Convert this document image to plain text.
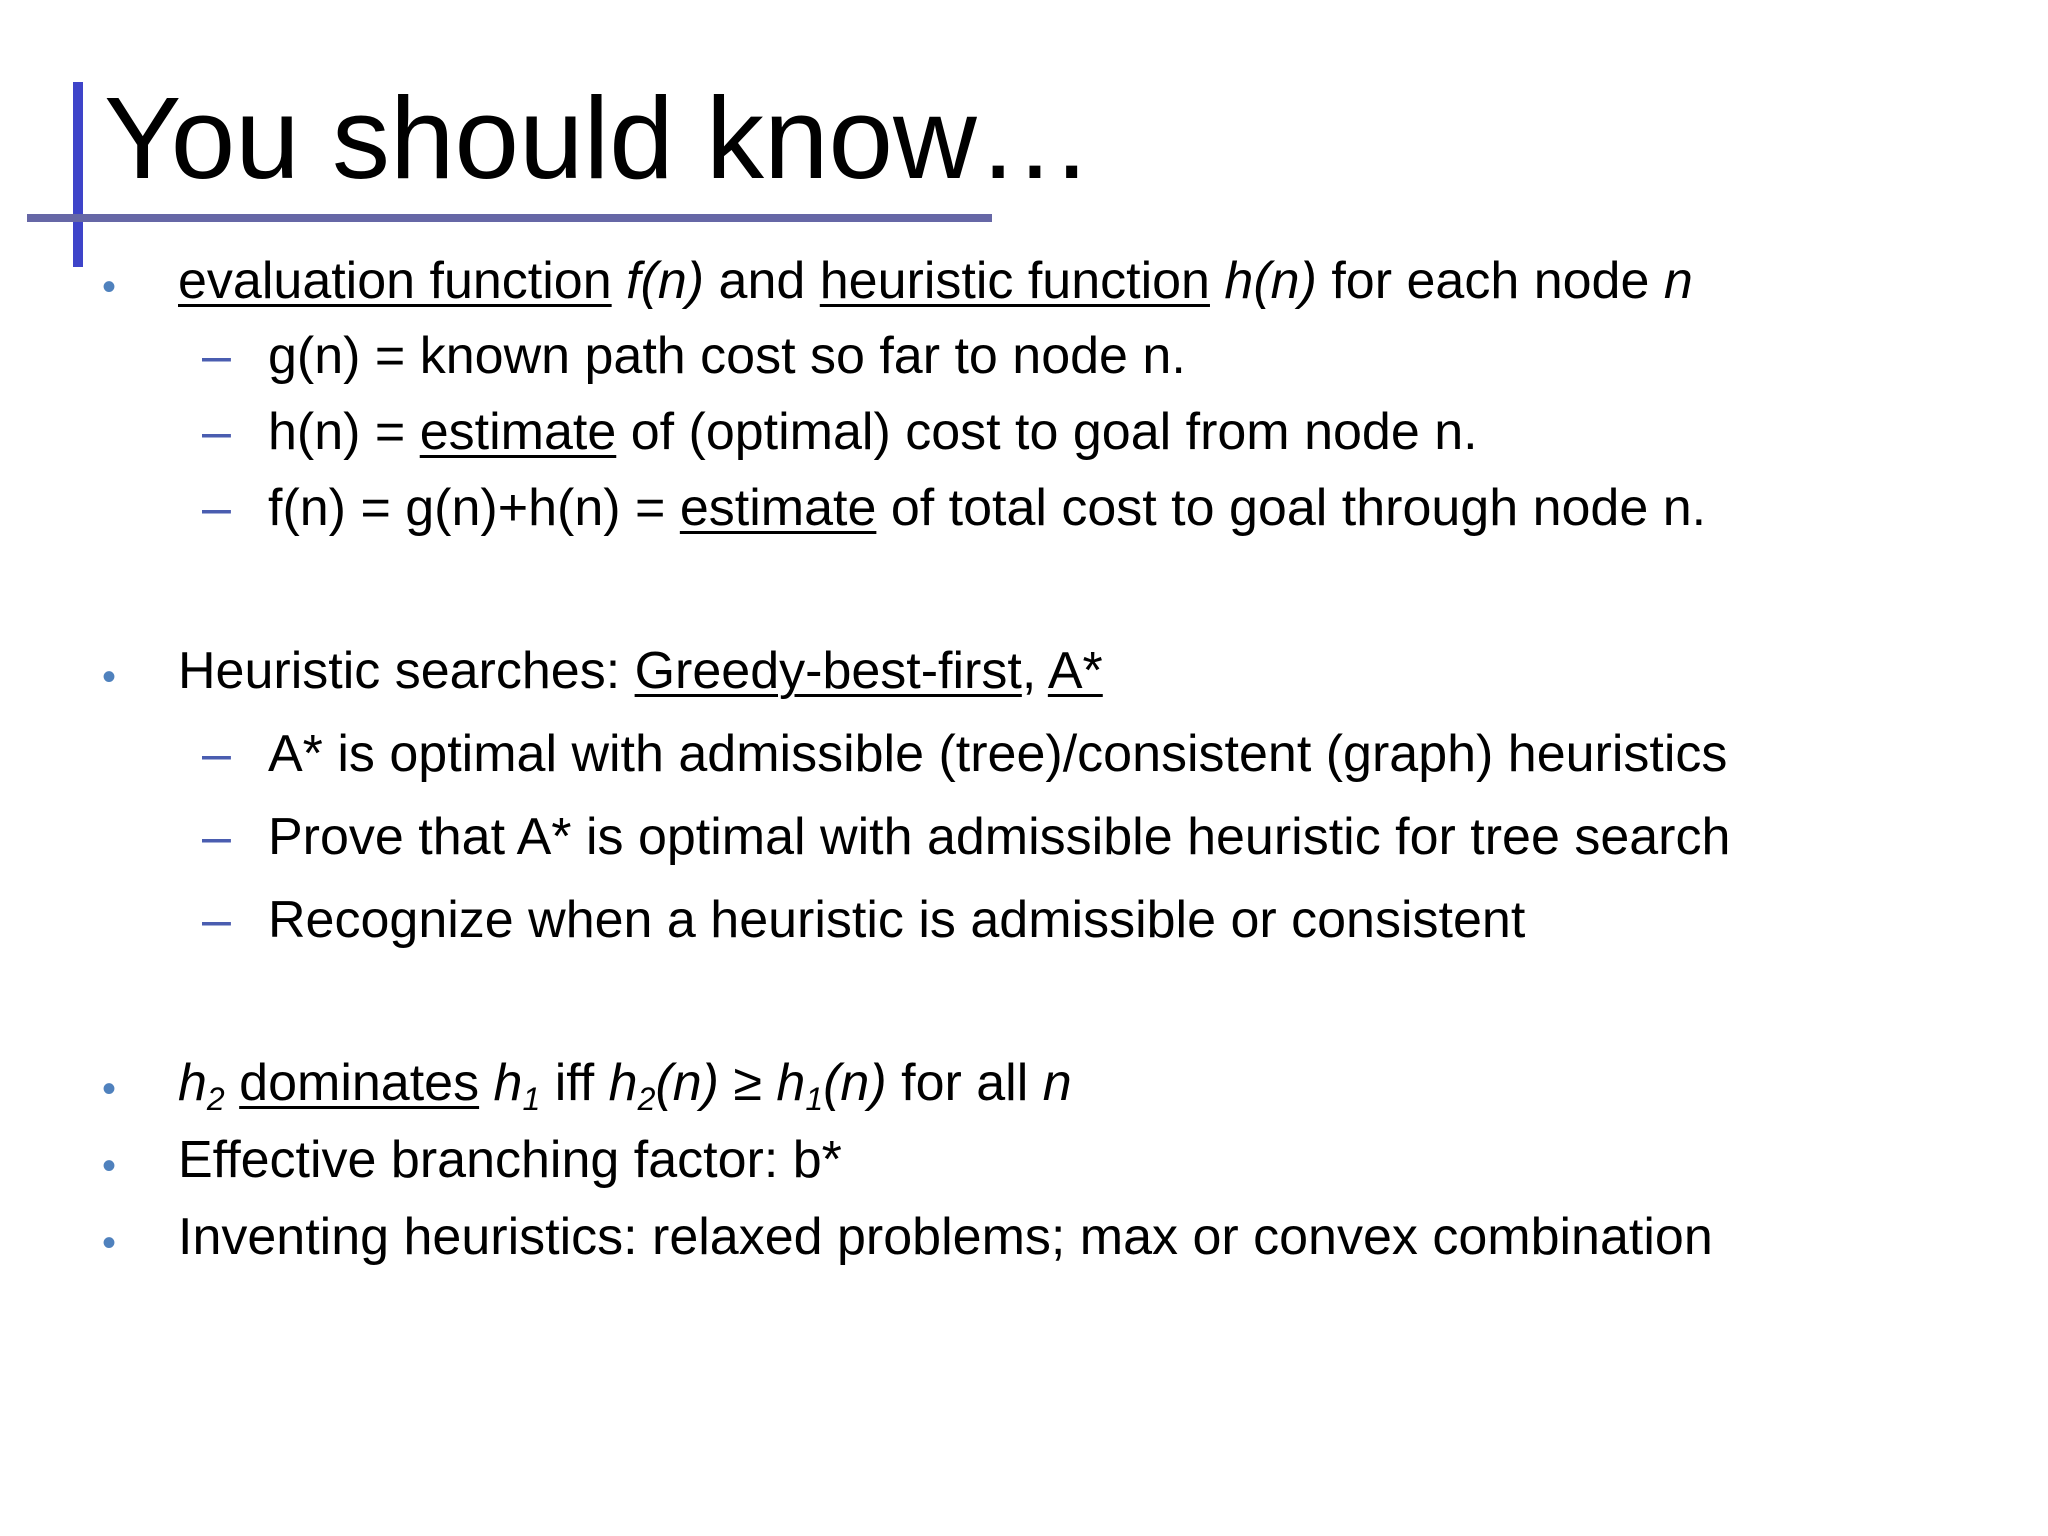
You should know…
• evaluation function f(n) and heuristic function h(n) for each node n
– g(n) = known path cost so far to node n.
– h(n) = estimate of (optimal) cost to goal from node n.
– f(n) = g(n)+h(n) = estimate of total cost to goal through node n.
• Heuristic searches: Greedy-best-first, A*
– A* is optimal with admissible (tree)/consistent (graph) heuristics
– Prove that A* is optimal with admissible heuristic for tree search
– Recognize when a heuristic is admissible or consistent
• $h_2$ dominates $h_1$ iff $h_2(n) \ge h_1(n)$ for all n
• Effective branching factor: b*
• Inventing heuristics: relaxed problems; max or convex combination
